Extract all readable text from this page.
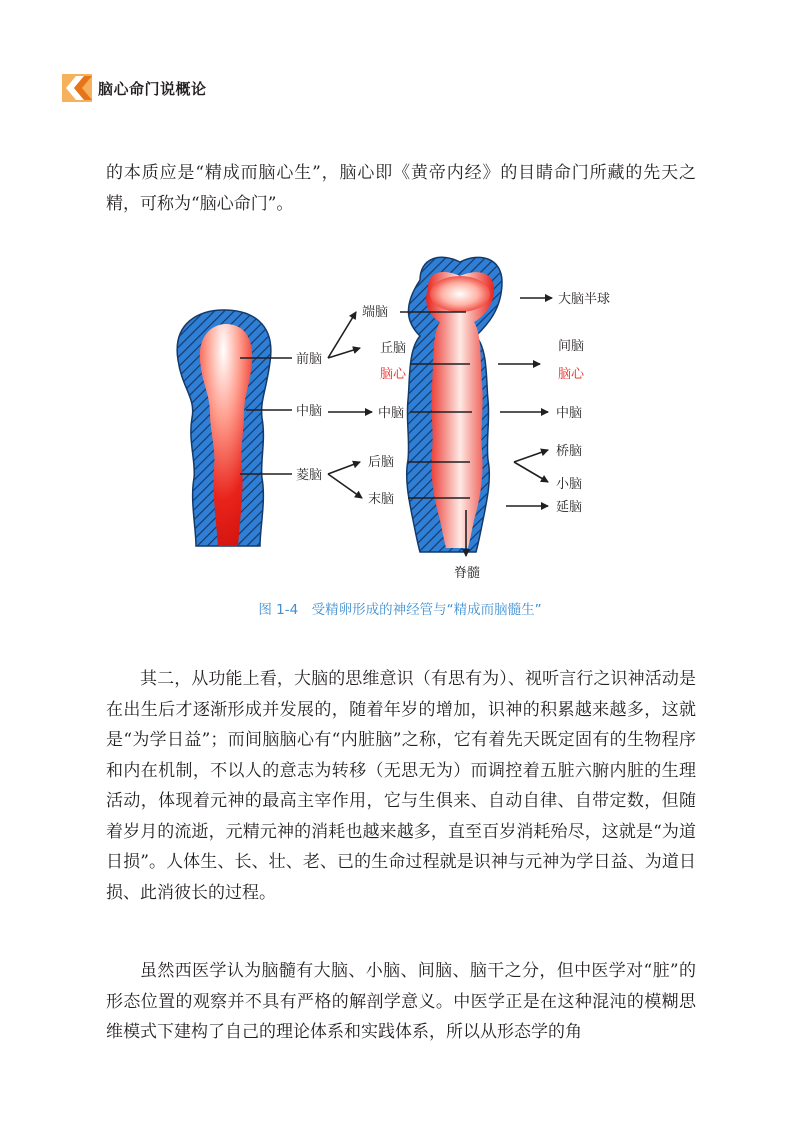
脑心命门说概论

的本质应是“精成而脑心生”，脑心即《黄帝内经》的目睛命门所藏的先天之精，可称为“脑心命门”。

前脑
中脑
菱脑
端脑
丘脑
脑心
中脑
后脑
末脑
大脑半球
间脑
脑心
中脑
桥脑
小脑
延脑
脊髓
图 1-4　受精卵形成的神经管与“精成而脑髓生”

其二，从功能上看，大脑的思维意识（有思有为）、视听言行之识神活动是在出生后才逐渐形成并发展的，随着年岁的增加，识神的积累越来越多，这就是“为学日益”；而间脑脑心有“内脏脑”之称，它有着先天既定固有的生物程序和内在机制，不以人的意志为转移（无思无为）而调控着五脏六腑内脏的生理活动，体现着元神的最高主宰作用，它与生俱来、自动自律、自带定数，但随着岁月的流逝，元精元神的消耗也越来越多，直至百岁消耗殆尽，这就是“为道日损”。人体生、长、壮、老、已的生命过程就是识神与元神为学日益、为道日损、此消彼长的过程。

虽然西医学认为脑髓有大脑、小脑、间脑、脑干之分，但中医学对“脏”的形态位置的观察并不具有严格的解剖学意义。中医学正是在这种混沌的模糊思维模式下建构了自己的理论体系和实践体系，所以从形态学的角
